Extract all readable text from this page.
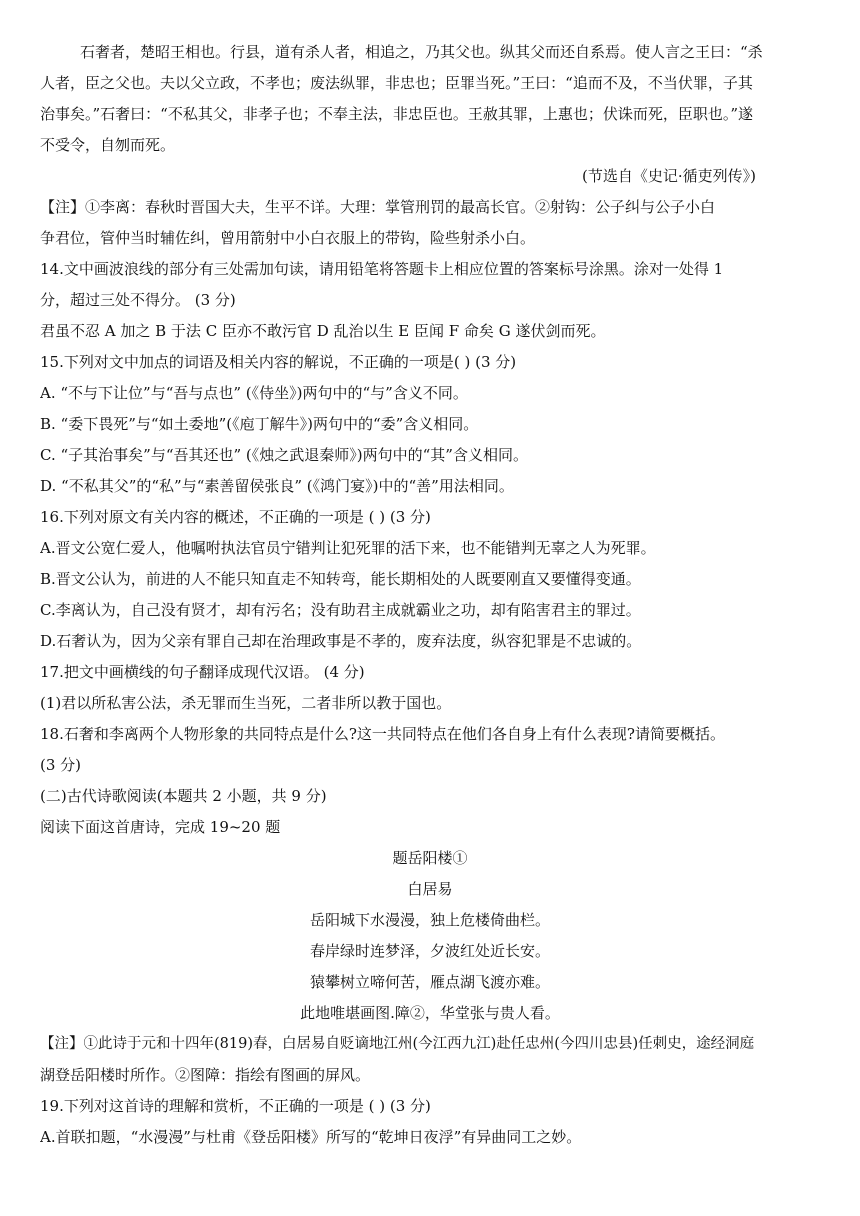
石奢者，楚昭王相也。行县，道有杀人者，相追之，乃其父也。纵其父而还自系焉。使人言之王曰：“杀
人者，臣之父也。夫以父立政，不孝也；废法纵罪，非忠也；臣罪当死。”王曰：“追而不及，不当伏罪，子其
治事矣。”石奢曰：“不私其父，非孝子也；不奉主法，非忠臣也。王赦其罪，上惠也；伏诛而死，臣职也。”遂
不受令，自刎而死。
(节选自《史记·循吏列传》)
【注】①李离：春秋时晋国大夫，生平不详。大理：掌管刑罚的最高长官。②射钩：公子纠与公子小白
争君位，管仲当时辅佐纠，曾用箭射中小白衣服上的带钩，险些射杀小白。
14.文中画波浪线的部分有三处需加句读，请用铅笔将答题卡上相应位置的答案标号涂黑。涂对一处得 1
分，超过三处不得分。 (3 分)
君虽不忍 A 加之 B 于法 C 臣亦不敢污官 D 乱治以生 E 臣闻 F 命矣 G 遂伏剑而死。
15.下列对文中加点的词语及相关内容的解说，不正确的一项是( ) (3 分)
A. “不与下让位”与“吾与点也” (《侍坐》)两句中的“与”含义不同。
B. “委下畏死”与“如土委地”(《庖丁解牛》)两句中的“委”含义相同。
C. “子其治事矣”与“吾其还也” (《烛之武退秦师》)两句中的“其”含义相同。
D. “不私其父”的“私”与“素善留侯张良” (《鸿门宴》)中的“善”用法相同。
16.下列对原文有关内容的概述，不正确的一项是 ( ) (3 分)
A.晋文公宽仁爱人，他嘱咐执法官员宁错判让犯死罪的活下来，也不能错判无辜之人为死罪。
B.晋文公认为，前进的人不能只知直走不知转弯，能长期相处的人既要刚直又要懂得变通。
C.李离认为，自己没有贤才，却有污名；没有助君主成就霸业之功，却有陷害君主的罪过。
D.石奢认为，因为父亲有罪自己却在治理政事是不孝的，废弃法度，纵容犯罪是不忠诚的。
17.把文中画横线的句子翻译成现代汉语。 (4 分)
(1)君以所私害公法，杀无罪而生当死，二者非所以教于国也。
18.石奢和李离两个人物形象的共同特点是什么?这一共同特点在他们各自身上有什么表现?请简要概括。
(3 分)
(二)古代诗歌阅读(本题共 2 小题，共 9 分)
阅读下面这首唐诗，完成 19~20 题
题岳阳楼①
白居易
岳阳城下水漫漫，独上危楼倚曲栏。
春岸绿时连梦泽，夕波红处近长安。
猿攀树立啼何苦，雁点湖飞渡亦难。
此地唯堪画图.障②，华堂张与贵人看。
【注】①此诗于元和十四年(819)春，白居易自贬谪地江州(今江西九江)赴任忠州(今四川忠县)任刺史，途经洞庭
湖登岳阳楼时所作。②图障：指绘有图画的屏风。
19.下列对这首诗的理解和赏析，不正确的一项是 ( ) (3 分)
A.首联扣题，“水漫漫”与杜甫《登岳阳楼》所写的“乾坤日夜浮”有异曲同工之妙。
